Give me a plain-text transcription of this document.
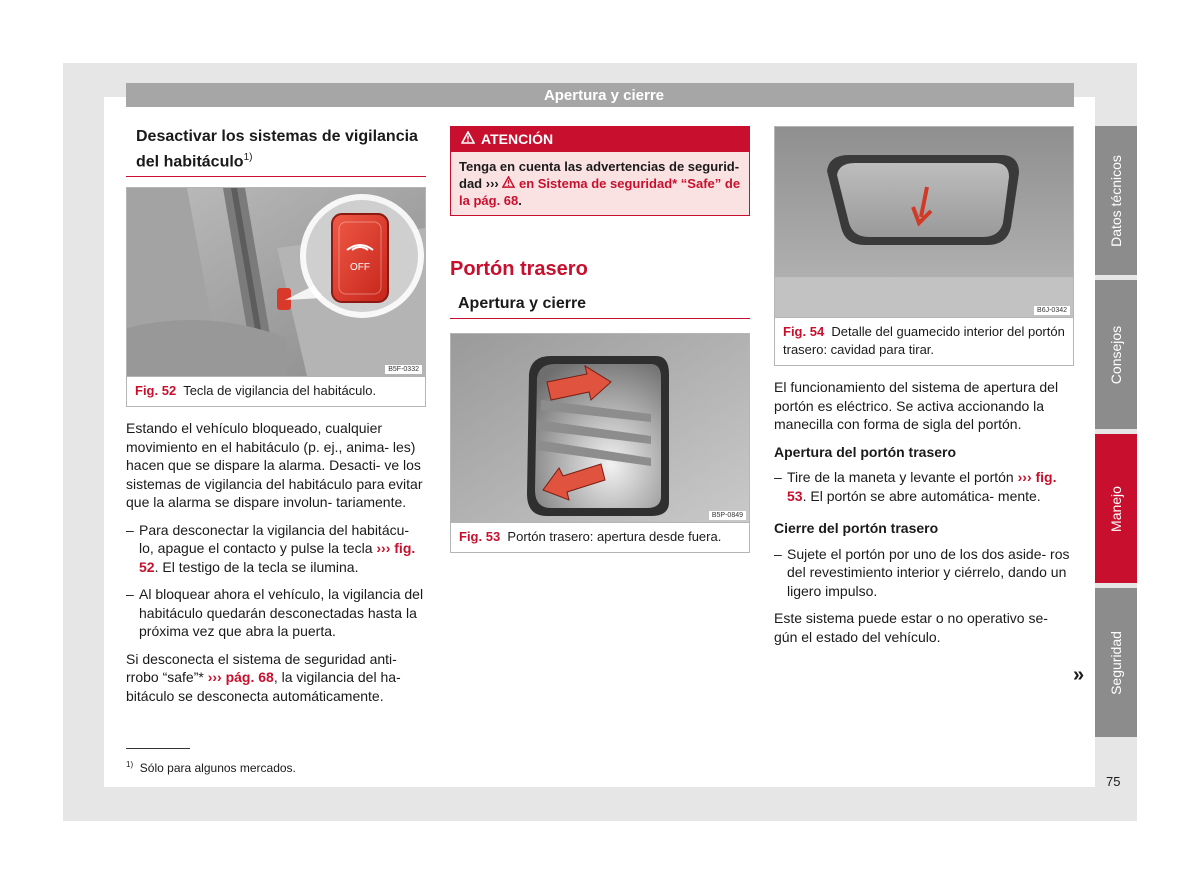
Apertura y cierre
Desactivar los sistemas de vigilancia del habitáculo$^{1)}$
OFF
B5F-0332
Fig. 52 Tecla de vigilancia del habitáculo.

Estando el vehículo bloqueado, cualquier movimiento en el habitáculo (p. ej., anima- les) hacen que se dispare la alarma. Desacti- ve los sistemas de vigilancia del habitáculo para evitar que la alarma se dispare involun- tariamente.

– Para desconectar la vigilancia del habitácu- lo, apague el contacto y pulse la tecla ››› fig. 52. El testigo de la tecla se ilumina.
– Al bloquear ahora el vehículo, la vigilancia del habitáculo quedarán desconectadas hasta la próxima vez que abra la puerta.

Si desconecta el sistema de seguridad anti- rrobo “safe”* ››› pág. 68, la vigilancia del ha- bitáculo se desconecta automáticamente.

ATENCIÓN
Tenga en cuenta las advertencias de segurid- dad ›››  en Sistema de seguridad* “Safe” de la pág. 68.
Portón trasero
Apertura y cierre
B5P-0849
Fig. 53 Portón trasero: apertura desde fuera.
B6J-0342
Fig. 54 Detalle del guamecido interior del portón trasero: cavidad para tirar.

El funcionamiento del sistema de apertura del portón es eléctrico. Se activa accionando la manecilla con forma de sigla del portón.

Apertura del portón trasero
– Tire de la maneta y levante el portón ››› fig. 53. El portón se abre automática- mente.
Cierre del portón trasero
– Sujete el portón por uno de los dos aside- ros del revestimiento interior y ciérrelo, dando un ligero impulso.

Este sistema puede estar o no operativo se- gún el estado del vehículo.

»
$^{1)}$ Sólo para algunos mercados.
75
Datos técnicos
Consejos
Manejo
Seguridad
